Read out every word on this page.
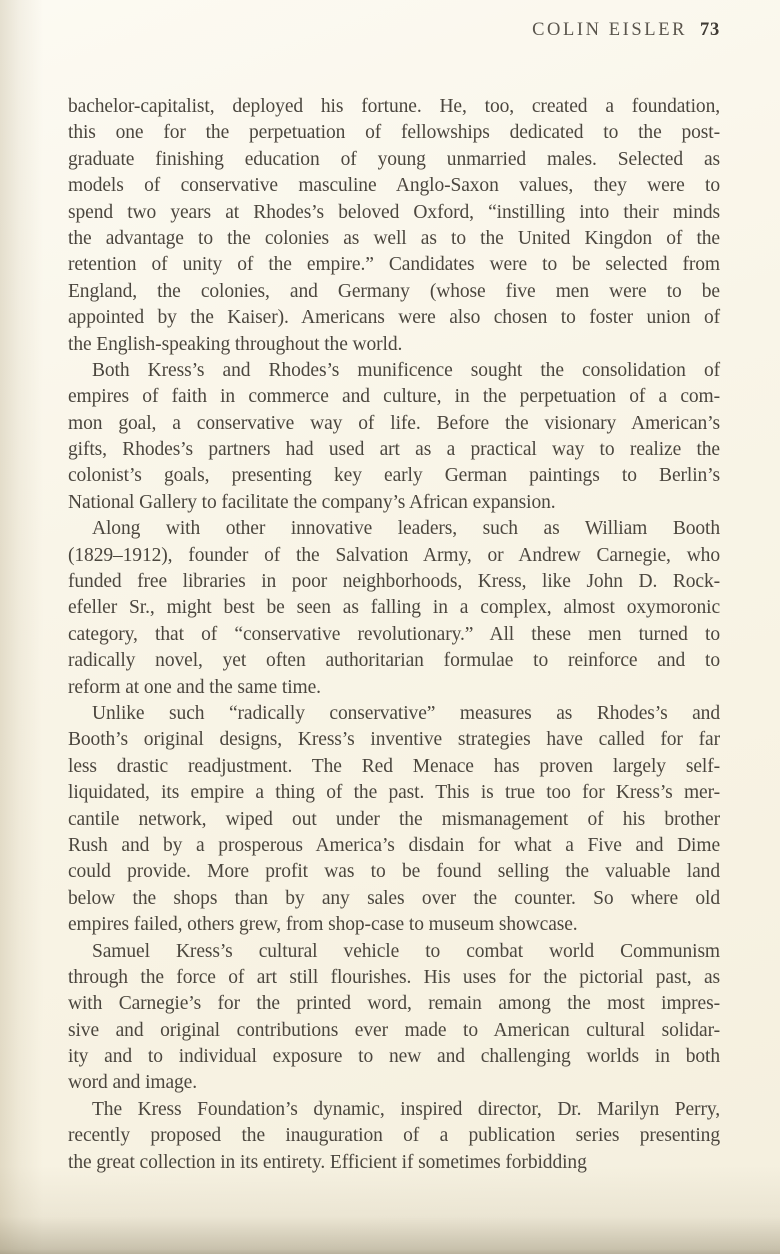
COLIN EISLER 73
bachelor-capitalist, deployed his fortune. He, too, created a foundation,
this one for the perpetuation of fellowships dedicated to the post-
graduate finishing education of young unmarried males. Selected as
models of conservative masculine Anglo-Saxon values, they were to
spend two years at Rhodes’s beloved Oxford, “instilling into their minds
the advantage to the colonies as well as to the United Kingdon of the
retention of unity of the empire.” Candidates were to be selected from
England, the colonies, and Germany (whose five men were to be
appointed by the Kaiser). Americans were also chosen to foster union of
the English-speaking throughout the world.
Both Kress’s and Rhodes’s munificence sought the consolidation of
empires of faith in commerce and culture, in the perpetuation of a com-
mon goal, a conservative way of life. Before the visionary American’s
gifts, Rhodes’s partners had used art as a practical way to realize the
colonist’s goals, presenting key early German paintings to Berlin’s
National Gallery to facilitate the company’s African expansion.
Along with other innovative leaders, such as William Booth
(1829–1912), founder of the Salvation Army, or Andrew Carnegie, who
funded free libraries in poor neighborhoods, Kress, like John D. Rock-
efeller Sr., might best be seen as falling in a complex, almost oxymoronic
category, that of “conservative revolutionary.” All these men turned to
radically novel, yet often authoritarian formulae to reinforce and to
reform at one and the same time.
Unlike such “radically conservative” measures as Rhodes’s and
Booth’s original designs, Kress’s inventive strategies have called for far
less drastic readjustment. The Red Menace has proven largely self-
liquidated, its empire a thing of the past. This is true too for Kress’s mer-
cantile network, wiped out under the mismanagement of his brother
Rush and by a prosperous America’s disdain for what a Five and Dime
could provide. More profit was to be found selling the valuable land
below the shops than by any sales over the counter. So where old
empires failed, others grew, from shop-case to museum showcase.
Samuel Kress’s cultural vehicle to combat world Communism
through the force of art still flourishes. His uses for the pictorial past, as
with Carnegie’s for the printed word, remain among the most impres-
sive and original contributions ever made to American cultural solidar-
ity and to individual exposure to new and challenging worlds in both
word and image.
The Kress Foundation’s dynamic, inspired director, Dr. Marilyn Perry,
recently proposed the inauguration of a publication series presenting
the great collection in its entirety. Efficient if sometimes forbidding
